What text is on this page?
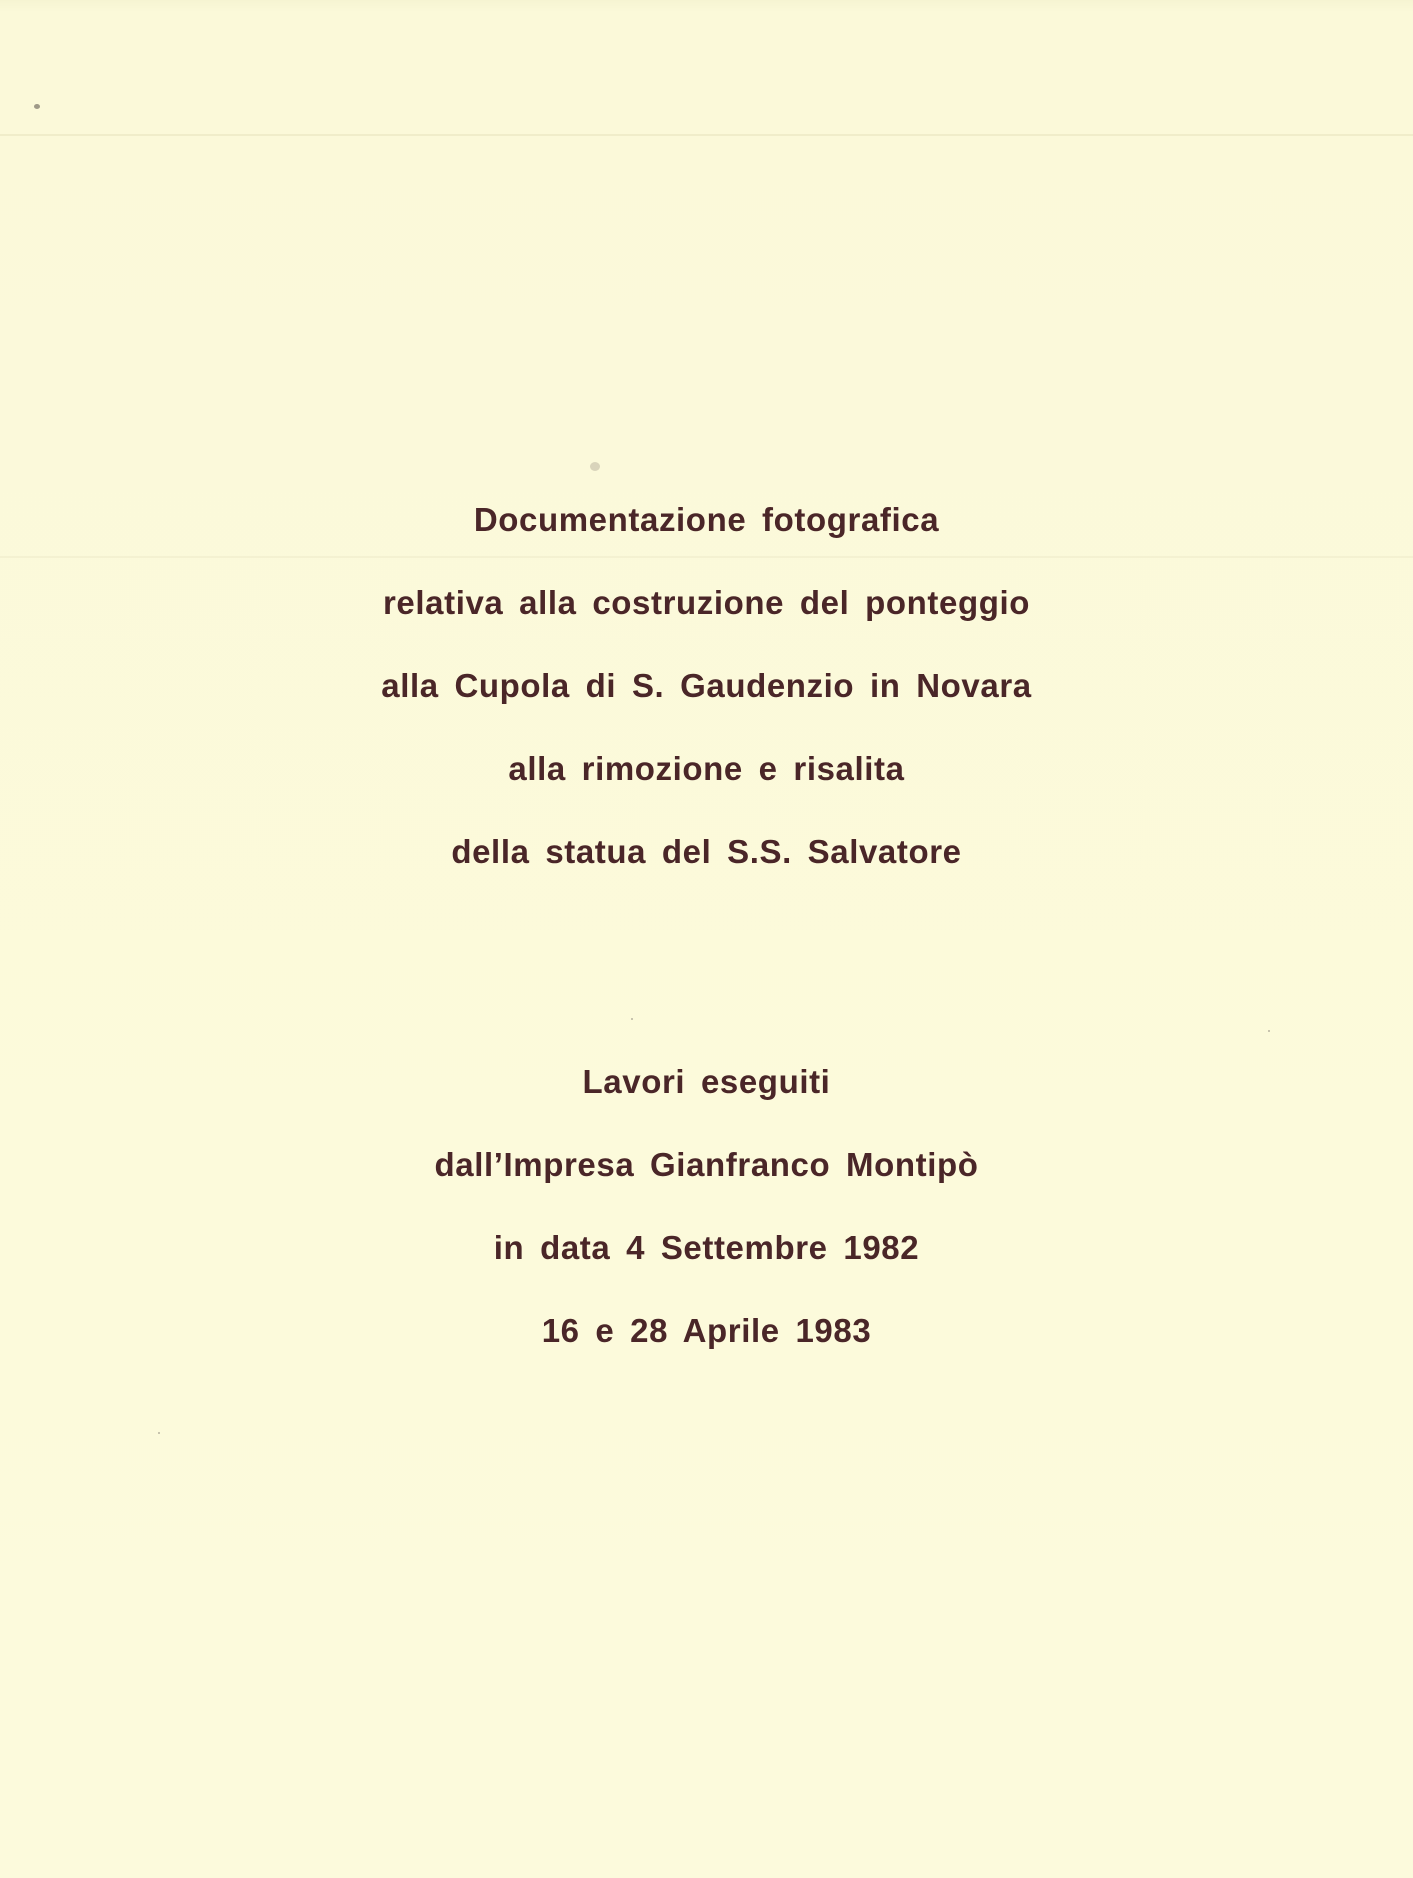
Documentazione fotografica
relativa alla costruzione del ponteggio
alla Cupola di S. Gaudenzio in Novara
alla rimozione e risalita
della statua del S.S. Salvatore
Lavori eseguiti
dall’Impresa Gianfranco Montipò
in data 4 Settembre 1982
16 e 28 Aprile 1983
